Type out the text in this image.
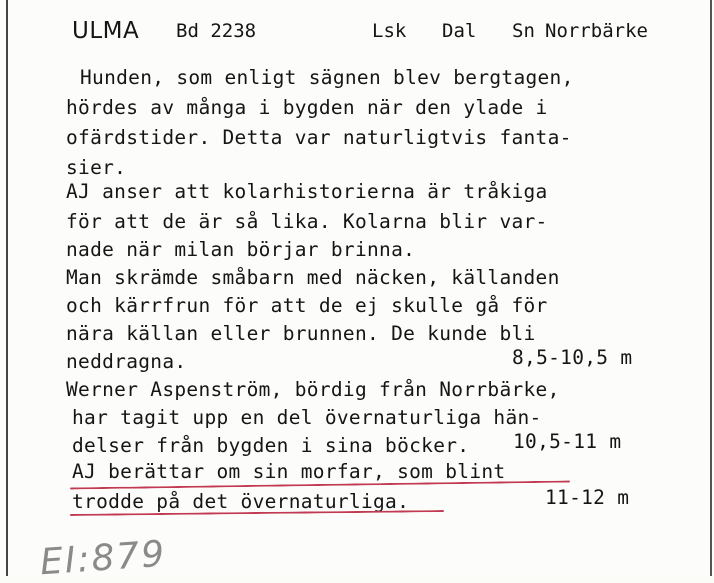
ULMA Bd 2238	Lsk Dal Sn Norrbärke
Hunden, som enligt sägnen blev bergtagen,
hördes av många i bygden när den ylade i
ofärdstider. Detta var naturligtvis fanta-
sier.
AJ anser att kolarhistorierna är tråkiga
för att de är så lika. Kolarna blir var-
nade när milan börjar brinna.
Man skrämde småbarn med näcken, källanden
och kärrfrun för att de ej skulle gå för
nära källan eller brunnen. De kunde bli
neddragna.	8,5-10,5 m
Werner Aspenström, bördig från Norrbärke,
har tagit upp en del övernaturliga hän-
delser från bygden i sina böcker. 10,5-11 m
AJ berättar om sin morfar, som blint
trodde på det övernaturliga.	11-12 m
EI:879
